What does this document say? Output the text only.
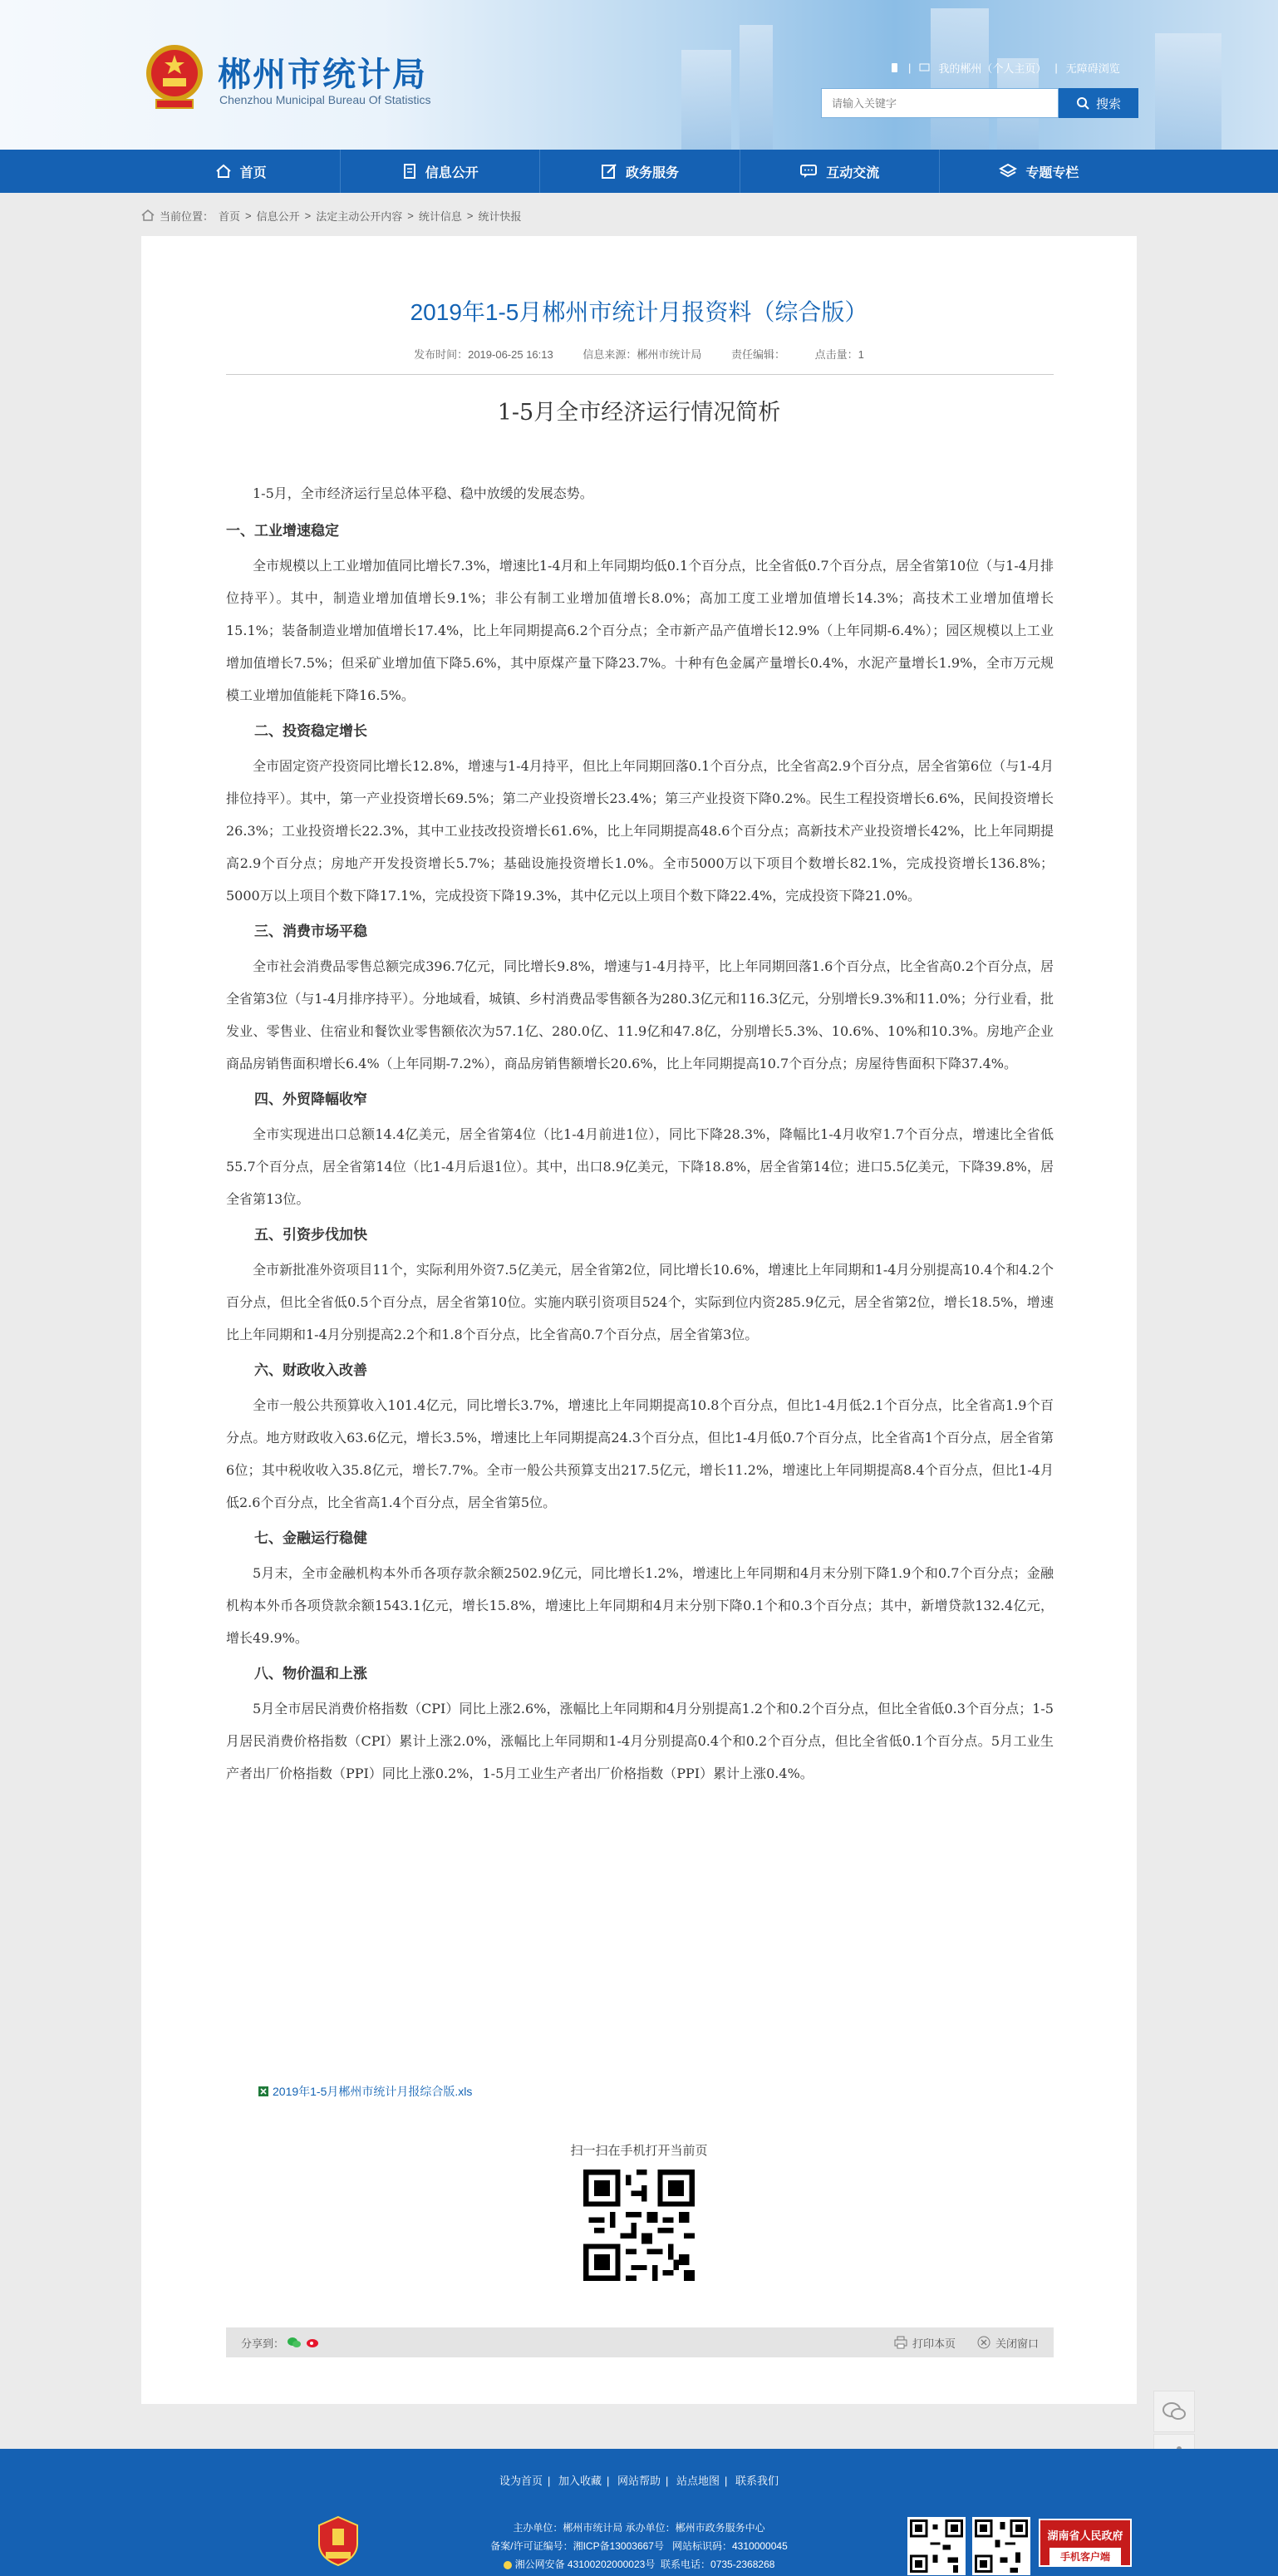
郴州市统计局
Chenzhou Municipal Bureau Of Statistics
|	我的郴州（个人主页） | 无障碍浏览
请输入关键字
搜索
首页	信息公开	政务服务	互动交流	专题专栏
当前位置： 首页 > 信息公开 > 法定主动公开内容 > 统计信息 > 统计快报
2019年1-5月郴州市统计月报资料（综合版）
发布时间：2019-06-25 16:13	信息来源：郴州市统计局	责任编辑：	点击量：1
1-5月全市经济运行情况简析

1-5月，全市经济运行呈总体平稳、稳中放缓的发展态势。

一、工业增速稳定

全市规模以上工业增加值同比增长7.3%，增速比1-4月和上年同期均低0.1个百分点，比全省低0.7个百分点，居全省第10位（与1-4月排位持平）。其中，制造业增加值增长9.1%；非公有制工业增加值增长8.0%；高加工度工业增加值增长14.3%；高技术工业增加值增长15.1%；装备制造业增加值增长17.4%，比上年同期提高6.2个百分点；全市新产品产值增长12.9%（上年同期-6.4%）；园区规模以上工业增加值增长7.5%；但采矿业增加值下降5.6%，其中原煤产量下降23.7%。十种有色金属产量增长0.4%，水泥产量增长1.9%，全市万元规模工业增加值能耗下降16.5%。

二、投资稳定增长

全市固定资产投资同比增长12.8%，增速与1-4月持平，但比上年同期回落0.1个百分点，比全省高2.9个百分点，居全省第6位（与1-4月排位持平）。其中，第一产业投资增长69.5%；第二产业投资增长23.4%；第三产业投资下降0.2%。民生工程投资增长6.6%，民间投资增长26.3%；工业投资增长22.3%，其中工业技改投资增长61.6%，比上年同期提高48.6个百分点；高新技术产业投资增长42%，比上年同期提高2.9个百分点；房地产开发投资增长5.7%；基础设施投资增长1.0%。全市5000万以下项目个数增长82.1%，完成投资增长136.8%；5000万以上项目个数下降17.1%，完成投资下降19.3%，其中亿元以上项目个数下降22.4%，完成投资下降21.0%。

三、消费市场平稳

全市社会消费品零售总额完成396.7亿元，同比增长9.8%，增速与1-4月持平，比上年同期回落1.6个百分点，比全省高0.2个百分点，居全省第3位（与1-4月排序持平）。分地域看，城镇、乡村消费品零售额各为280.3亿元和116.3亿元，分别增长9.3%和11.0%；分行业看，批发业、零售业、住宿业和餐饮业零售额依次为57.1亿、280.0亿、11.9亿和47.8亿，分别增长5.3%、10.6%、10%和10.3%。房地产企业商品房销售面积增长6.4%（上年同期-7.2%），商品房销售额增长20.6%，比上年同期提高10.7个百分点；房屋待售面积下降37.4%。

四、外贸降幅收窄

全市实现进出口总额14.4亿美元，居全省第4位（比1-4月前进1位），同比下降28.3%，降幅比1-4月收窄1.7个百分点，增速比全省低55.7个百分点，居全省第14位（比1-4月后退1位）。其中，出口8.9亿美元，下降18.8%，居全省第14位；进口5.5亿美元，下降39.8%，居全省第13位。

五、引资步伐加快

全市新批准外资项目11个，实际利用外资7.5亿美元，居全省第2位，同比增长10.6%，增速比上年同期和1-4月分别提高10.4个和4.2个百分点，但比全省低0.5个百分点，居全省第10位。实施内联引资项目524个，实际到位内资285.9亿元，居全省第2位，增长18.5%，增速比上年同期和1-4月分别提高2.2个和1.8个百分点，比全省高0.7个百分点，居全省第3位。

六、财政收入改善

全市一般公共预算收入101.4亿元，同比增长3.7%，增速比上年同期提高10.8个百分点，但比1-4月低2.1个百分点，比全省高1.9个百分点。地方财政收入63.6亿元，增长3.5%，增速比上年同期提高24.3个百分点，但比1-4月低0.7个百分点，比全省高1个百分点，居全省第6位；其中税收收入35.8亿元，增长7.7%。全市一般公共预算支出217.5亿元，增长11.2%，增速比上年同期提高8.4个百分点，但比1-4月低2.6个百分点，比全省高1.4个百分点，居全省第5位。

七、金融运行稳健

5月末，全市金融机构本外币各项存款余额2502.9亿元，同比增长1.2%，增速比上年同期和4月末分别下降1.9个和0.7个百分点；金融机构本外币各项贷款余额1543.1亿元，增长15.8%，增速比上年同期和4月末分别下降0.1个和0.3个百分点；其中，新增贷款132.4亿元，增长49.9%。

八、物价温和上涨

5月全市居民消费价格指数（CPI）同比上涨2.6%，涨幅比上年同期和4月分别提高1.2个和0.2个百分点，但比全省低0.3个百分点；1-5月居民消费价格指数（CPI）累计上涨2.0%，涨幅比上年同期和1-4月分别提高0.4个和0.2个百分点，但比全省低0.1个百分点。5月工业生产者出厂价格指数（PPI）同比上涨0.2%，1-5月工业生产者出厂价格指数（PPI）累计上涨0.4%。

2019年1-5月郴州市统计月报综合版.xls
扫一扫在手机打开当前页
分享到：	打印本页	关闭窗口
设为首页 | 加入收藏 | 网站帮助 | 站点地图 | 联系我们
主办单位：郴州市统计局 承办单位：郴州市政务服务中心
备案/许可证编号：湘ICP备13003667号 网站标识码：4310000045
湘公网安备 43100202000023号 联系电话：0735-2368268
湖南省人民政府
手机客户端
